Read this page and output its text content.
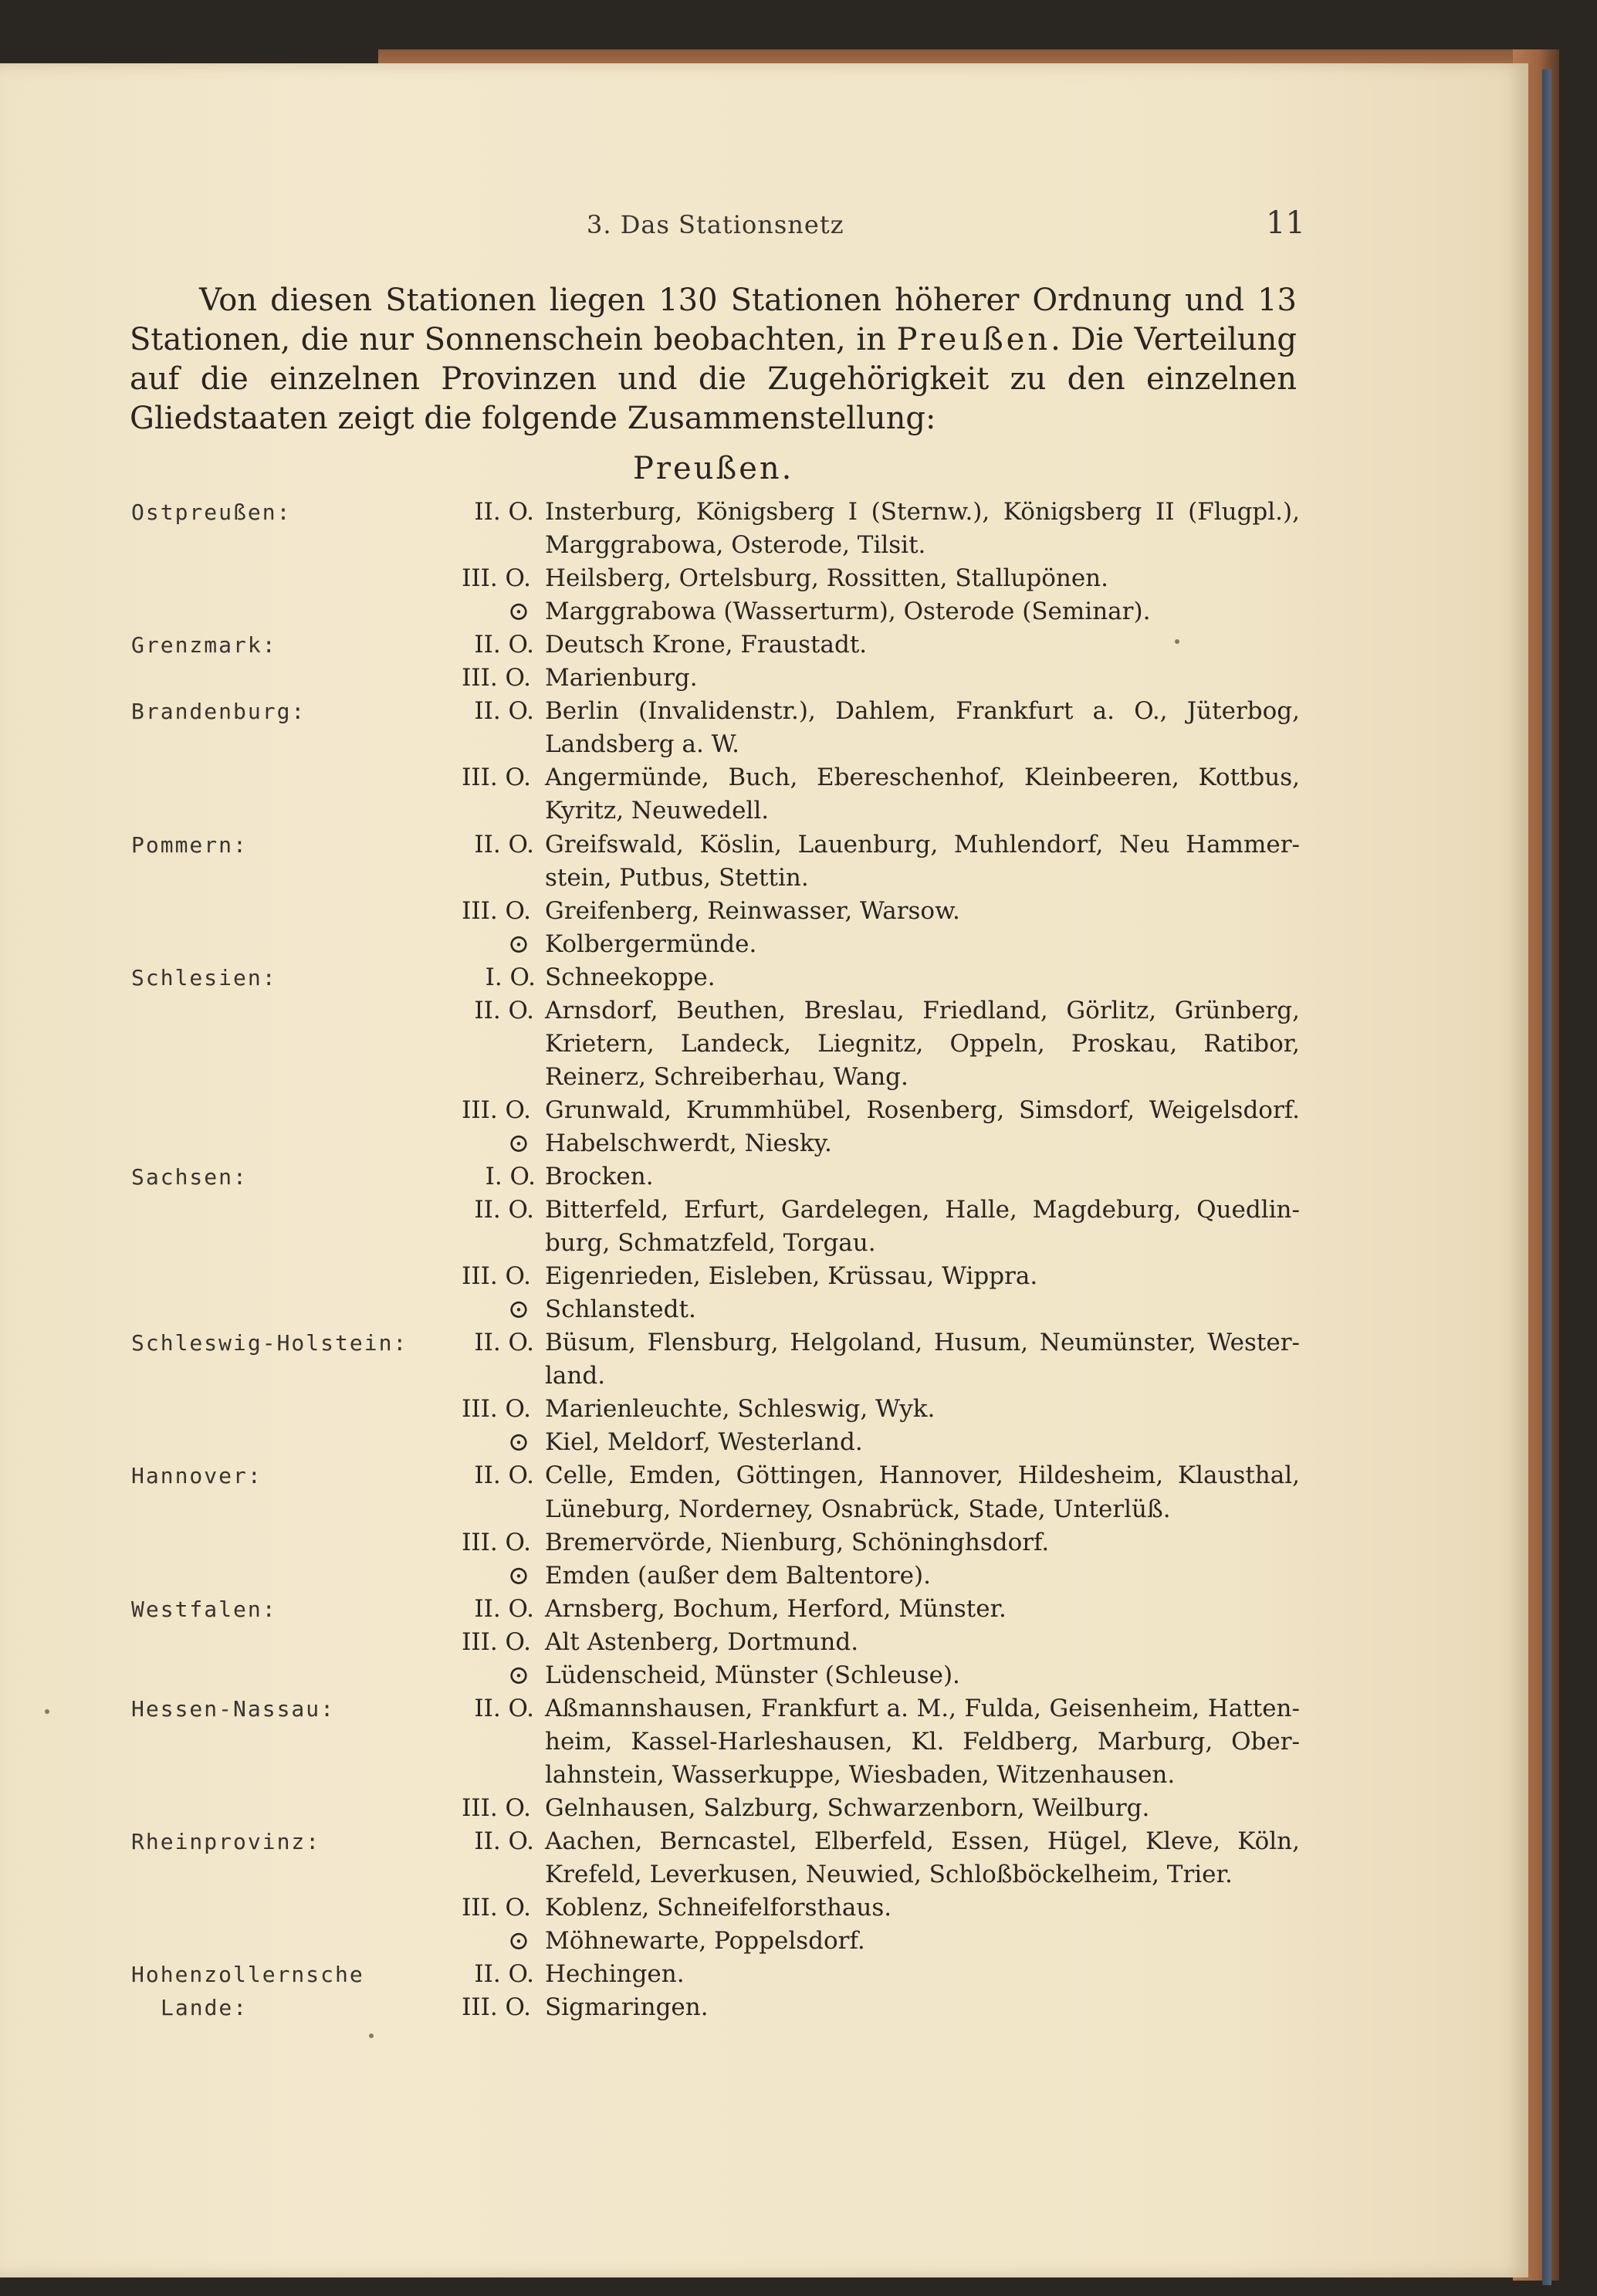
3. Das Stationsnetz	11

Von diesen Stationen liegen 130 Stationen höherer Ordnung und 13 Stationen, die nur Sonnenschein beobachten, in Preußen. Die Verteilung auf die einzelnen Provinzen und die Zugehörigkeit zu den einzelnen Gliedstaaten zeigt die folgende Zusammenstellung:

Preußen.
Ostpreußen:	II. O. Insterburg, Königsberg I (Sternw.), Königsberg II (Flugpl.),
Marggrabowa, Osterode, Tilsit.
III. O. Heilsberg, Ortelsburg, Rossitten, Stallupönen.
⊙ Marggrabowa (Wasserturm), Osterode (Seminar).
Grenzmark:	II. O. Deutsch Krone, Fraustadt.
III. O. Marienburg.
Brandenburg:	II. O. Berlin (Invalidenstr.), Dahlem, Frankfurt a. O., Jüterbog,
Landsberg a. W.
III. O. Angermünde, Buch, Ebereschenhof, Kleinbeeren, Kottbus,
Kyritz, Neuwedell.
Pommern:	II. O. Greifswald, Köslin, Lauenburg, Muhlendorf, Neu Hammer-
stein, Putbus, Stettin.
III. O. Greifenberg, Reinwasser, Warsow.
⊙ Kolbergermünde.
Schlesien:	I. O. Schneekoppe.
II. O. Arnsdorf, Beuthen, Breslau, Friedland, Görlitz, Grünberg,
Krietern, Landeck, Liegnitz, Oppeln, Proskau, Ratibor,
Reinerz, Schreiberhau, Wang.
III. O. Grunwald, Krummhübel, Rosenberg, Simsdorf, Weigelsdorf.
⊙ Habelschwerdt, Niesky.
Sachsen:	I. O. Brocken.
II. O. Bitterfeld, Erfurt, Gardelegen, Halle, Magdeburg, Quedlin-
burg, Schmatzfeld, Torgau.
III. O. Eigenrieden, Eisleben, Krüssau, Wippra.
⊙ Schlanstedt.
Schleswig-Holstein:	II. O. Büsum, Flensburg, Helgoland, Husum, Neumünster, Wester-
land.
III. O. Marienleuchte, Schleswig, Wyk.
⊙ Kiel, Meldorf, Westerland.
Hannover:	II. O. Celle, Emden, Göttingen, Hannover, Hildesheim, Klausthal,
Lüneburg, Norderney, Osnabrück, Stade, Unterlüß.
III. O. Bremervörde, Nienburg, Schöninghsdorf.
⊙ Emden (außer dem Baltentore).
Westfalen:	II. O. Arnsberg, Bochum, Herford, Münster.
III. O. Alt Astenberg, Dortmund.
⊙ Lüdenscheid, Münster (Schleuse).
Hessen-Nassau:	II. O. Aßmannshausen, Frankfurt a. M., Fulda, Geisenheim, Hatten-
heim, Kassel-Harleshausen, Kl. Feldberg, Marburg, Ober-
lahnstein, Wasserkuppe, Wiesbaden, Witzenhausen.
III. O. Gelnhausen, Salzburg, Schwarzenborn, Weilburg.
Rheinprovinz:	II. O. Aachen, Berncastel, Elberfeld, Essen, Hügel, Kleve, Köln,
Krefeld, Leverkusen, Neuwied, Schloßböckelheim, Trier.
III. O. Koblenz, Schneifelforsthaus.
⊙ Möhnewarte, Poppelsdorf.
Hohenzollernsche	II. O. Hechingen.
Lande:	III. O. Sigmaringen.
